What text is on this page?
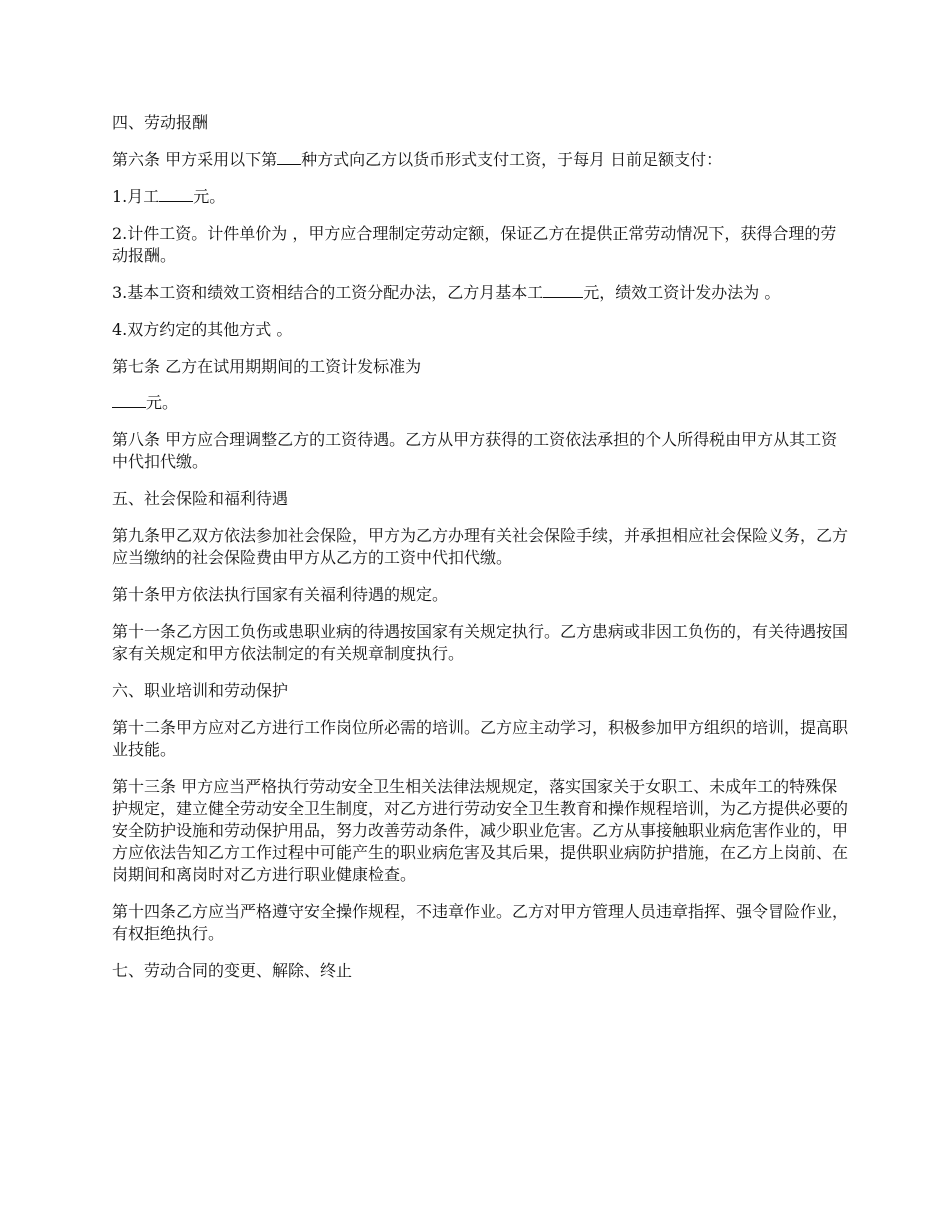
四、劳动报酬

第六条 甲方采用以下第 种方式向乙方以货币形式支付工资，于每月 日前足额支付：

1.月工 元。

2.计件工资。计件单价为 ，甲方应合理制定劳动定额，保证乙方在提供正常劳动情况下，获得合理的劳动报酬。

3.基本工资和绩效工资相结合的工资分配办法，乙方月基本工	元，绩效工资计发办法为 。

4.双方约定的其他方式 。

第七条 乙方在试用期期间的工资计发标准为

元。

第八条 甲方应合理调整乙方的工资待遇。乙方从甲方获得的工资依法承担的个人所得税由甲方从其工资中代扣代缴。

五、社会保险和福利待遇

第九条甲乙双方依法参加社会保险，甲方为乙方办理有关社会保险手续，并承担相应社会保险义务，乙方应当缴纳的社会保险费由甲方从乙方的工资中代扣代缴。

第十条甲方依法执行国家有关福利待遇的规定。

第十一条乙方因工负伤或患职业病的待遇按国家有关规定执行。乙方患病或非因工负伤的，有关待遇按国家有关规定和甲方依法制定的有关规章制度执行。

六、职业培训和劳动保护

第十二条甲方应对乙方进行工作岗位所必需的培训。乙方应主动学习，积极参加甲方组织的培训，提高职业技能。

第十三条 甲方应当严格执行劳动安全卫生相关法律法规规定，落实国家关于女职工、未成年工的特殊保护规定，建立健全劳动安全卫生制度，对乙方进行劳动安全卫生教育和操作规程培训，为乙方提供必要的安全防护设施和劳动保护用品，努力改善劳动条件，减少职业危害。乙方从事接触职业病危害作业的，甲方应依法告知乙方工作过程中可能产生的职业病危害及其后果，提供职业病防护措施，在乙方上岗前、在岗期间和离岗时对乙方进行职业健康检查。

第十四条乙方应当严格遵守安全操作规程，不违章作业。乙方对甲方管理人员违章指挥、强令冒险作业，有权拒绝执行。

七、劳动合同的变更、解除、终止
